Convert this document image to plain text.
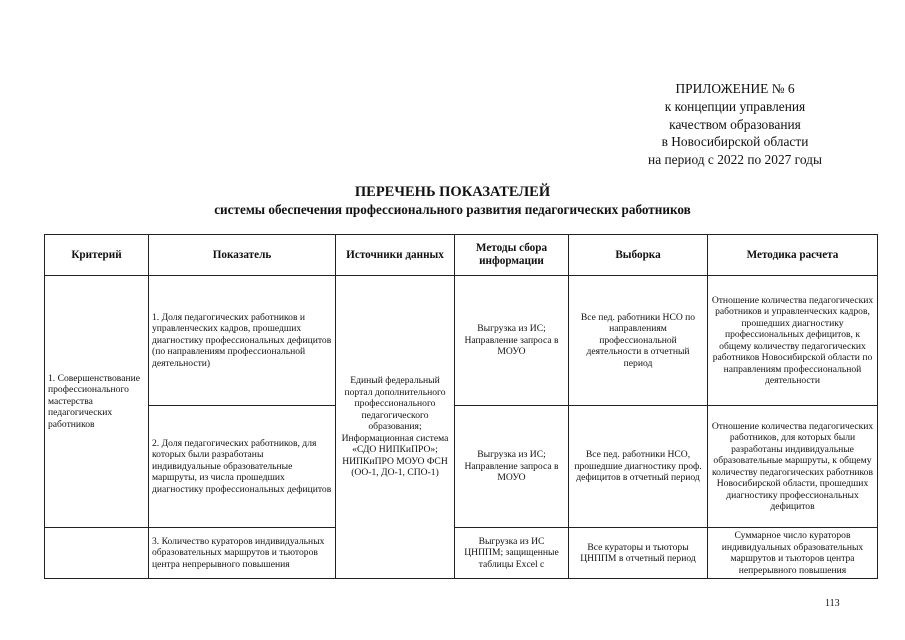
ПРИЛОЖЕНИЕ № 6
к концепции управления
качеством образования
в Новосибирской области
на период с 2022 по 2027 годы
ПЕРЕЧЕНЬ ПОКАЗАТЕЛЕЙ
системы обеспечения профессионального развития педагогических работников
Критерий	Показатель	Источники данных	Методы сбора информации	Выборка	Методика расчета
1. Совершенствование профессионального мастерства педагогических работников	1. Доля педагогических работников и управленческих кадров, прошедших диагностику профессиональных дефицитов (по направлениям профессиональной деятельности)	Единый федеральный портал дополнительного профессионального педагогического образования; Информационная система «СДО НИПКиПРО»; НИПКиПРО МОУО ФСН (ОО-1, ДО-1, СПО-1)	Выгрузка из ИС; Направление запроса в МОУО	Все пед. работники НСО по направлениям профессиональной деятельности в отчетный период	Отношение количества педагогических работников и управленческих кадров, прошедших диагностику профессиональных дефицитов, к общему количеству педагогических работников Новосибирской области по направлениям профессиональной деятельности
	2. Доля педагогических работников, для которых были разработаны индивидуальные образовательные маршруты, из числа прошедших диагностику профессиональных дефицитов		Выгрузка из ИС; Направление запроса в МОУО	Все пед. работники НСО, прошедшие диагностику проф. дефицитов в отчетный период	Отношение количества педагогических работников, для которых были разработаны индивидуальные образовательные маршруты, к общему количеству педагогических работников Новосибирской области, прошедших диагностику профессиональных дефицитов
	3. Количество кураторов индивидуальных образовательных маршрутов и тьюторов центра непрерывного повышения		Выгрузка из ИС ЦНППМ; защищенные таблицы Excel с	Все кураторы и тьюторы ЦНППМ в отчетный период	Суммарное число кураторов индивидуальных образовательных маршрутов и тьюторов центра непрерывного повышения
113
